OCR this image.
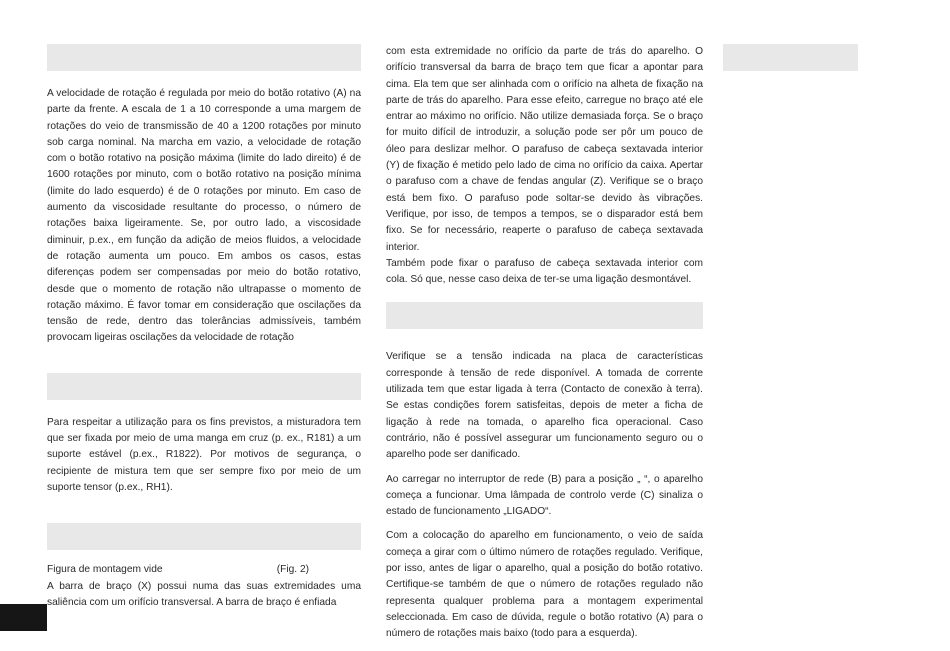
A velocidade de rotação é regulada por meio do botão rotativo (A) na parte da frente. A escala de 1 a 10 corresponde a uma margem de rotações do veio de transmissão de 40 a 1200 rotações por minuto sob carga nominal. Na marcha em vazio, a velocidade de rotação com o botão rotativo na posição máxima (limite do lado direito) é de 1600 rotações por minuto, com o botão rotativo na posição mínima (limite do lado esquerdo) é de 0 rotações por minuto. Em caso de aumento da viscosidade resultante do processo, o número de rotações baixa ligeiramente. Se, por outro lado, a viscosidade diminuir, p.ex., em função da adição de meios fluidos, a velocidade de rotação aumenta um pouco. Em ambos os casos, estas diferenças podem ser compensadas por meio do botão rotativo, desde que o momento de rotação não ultrapasse o momento de rotação máximo. É favor tomar em consideração que oscilações da tensão de rede, dentro das tolerâncias admissíveis, também provocam ligeiras oscilações da velocidade de rotação

Para respeitar a utilização para os fins previstos, a misturadora tem que ser fixada por meio de uma manga em cruz (p. ex., R181) a um suporte estável (p.ex., R1822). Por motivos de segurança, o recipiente de mistura tem que ser sempre fixo por meio de um suporte tensor (p.ex., RH1).

Figura de montagem vide	(Fig. 2)

A barra de braço (X) possui numa das suas extremidades uma saliência com um orifício transversal. A barra de braço é enfiada

com esta extremidade no orifício da parte de trás do aparelho. O orifício transversal da barra de braço tem que ficar a apontar para cima. Ela tem que ser alinhada com o orifício na alheta de fixação na parte de trás do aparelho. Para esse efeito, carregue no braço até ele entrar ao máximo no orifício. Não utilize demasiada força. Se o braço for muito difícil de introduzir, a solução pode ser pôr um pouco de óleo para deslizar melhor. O parafuso de cabeça sextavada interior (Y) de fixação é metido pelo lado de cima no orifício da caixa. Apertar o parafuso com a chave de fendas angular (Z). Verifique se o braço está bem fixo. O parafuso pode soltar-se devido às vibrações. Verifique, por isso, de tempos a tempos, se o disparador está bem fixo. Se for necessário, reaperte o parafuso de cabeça sextavada interior.

Também pode fixar o parafuso de cabeça sextavada interior com cola. Só que, nesse caso deixa de ter-se uma ligação desmontável.

Verifique se a tensão indicada na placa de características corresponde à tensão de rede disponível. A tomada de corrente utilizada tem que estar ligada à terra (Contacto de conexão à terra). Se estas condições forem satisfeitas, depois de meter a ficha de ligação à rede na tomada, o aparelho fica operacional. Caso contrário, não é possível assegurar um funcionamento seguro ou o aparelho pode ser danificado.

Ao carregar no interruptor de rede (B) para a posição „ “, o aparelho começa a funcionar. Uma lâmpada de controlo verde (C) sinaliza o estado de funcionamento „LIGADO“.

Com a colocação do aparelho em funcionamento, o veio de saída começa a girar com o último número de rotações regulado. Verifique, por isso, antes de ligar o aparelho, qual a posição do botão rotativo. Certifique-se também de que o número de rotações regulado não representa qualquer problema para a montagem experimental seleccionada. Em caso de dúvida, regule o botão rotativo (A) para o número de rotações mais baixo (todo para a esquerda).
